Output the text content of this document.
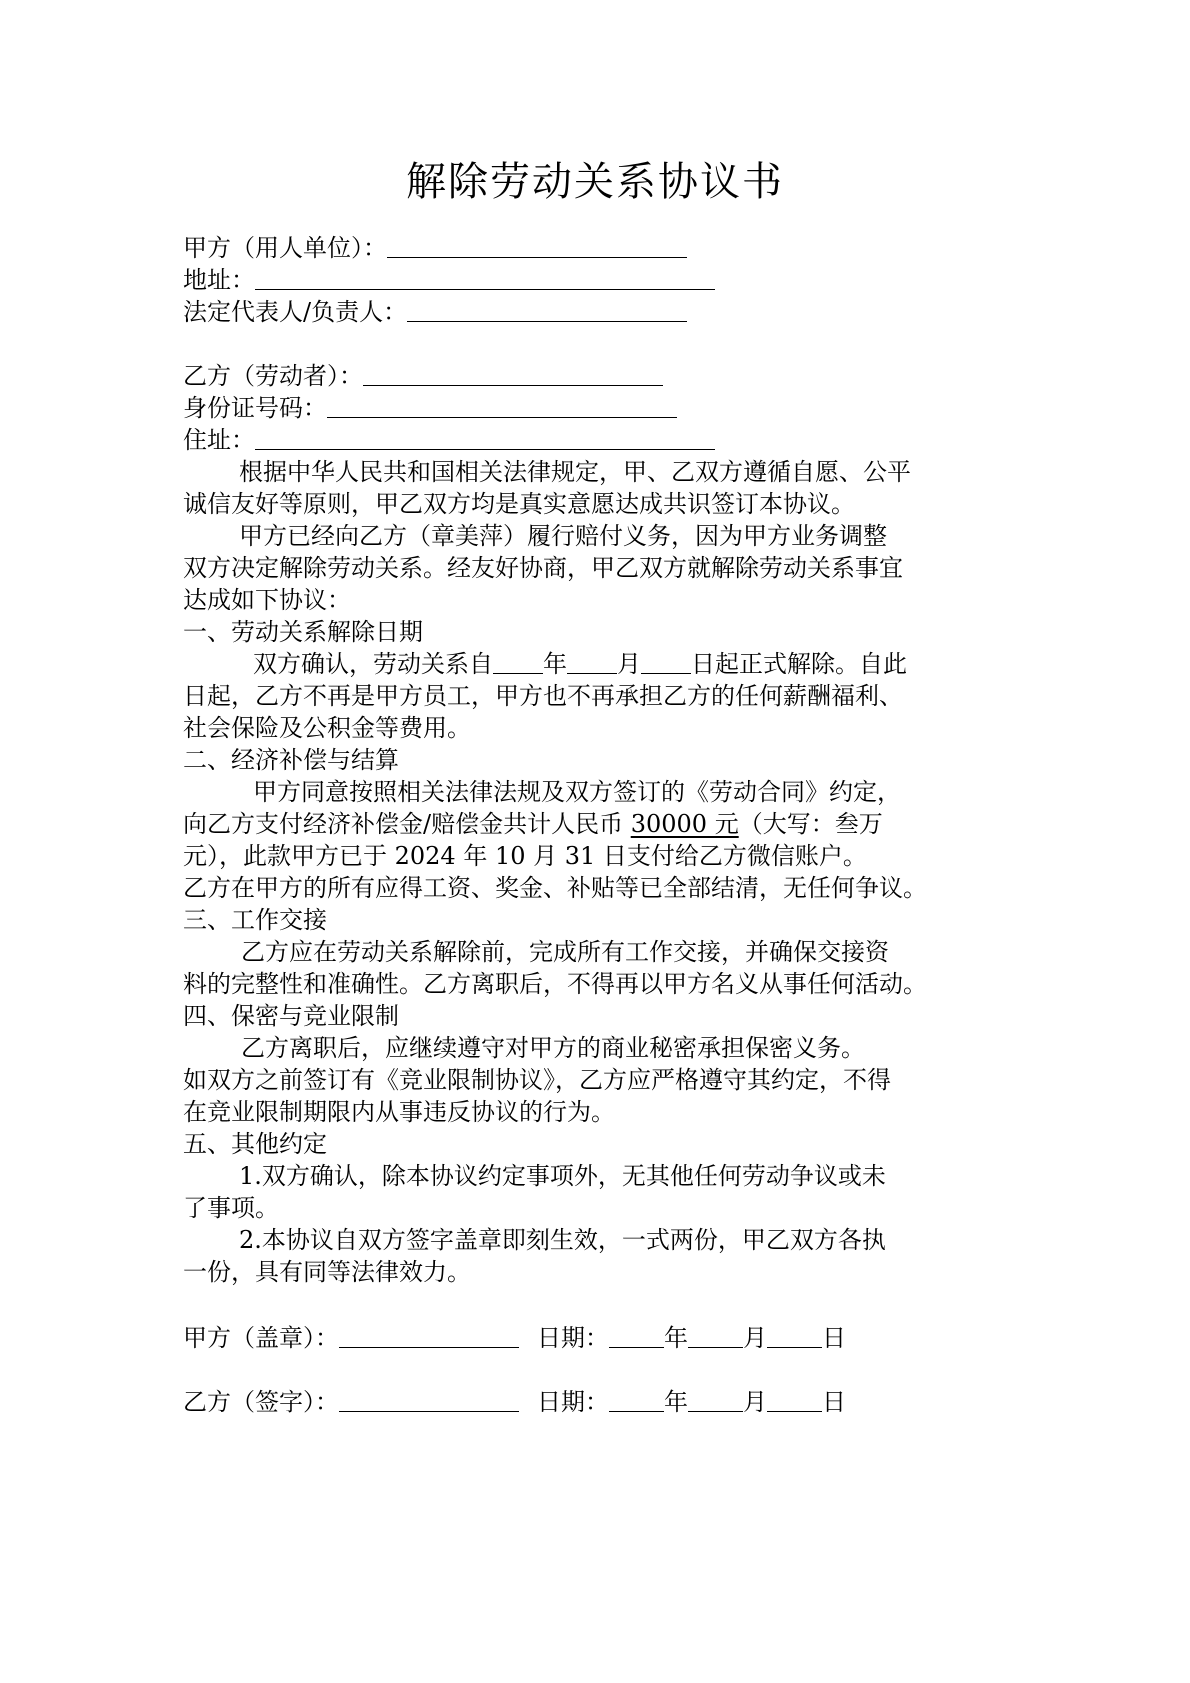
解除劳动关系协议书
甲方（用人单位）：
地址：
法定代表人/负责人：
乙方（劳动者）：
身份证号码：
住址：
根据中华人民共和国相关法律规定，甲、乙双方遵循自愿、公平
诚信友好等原则，甲乙双方均是真实意愿达成共识签订本协议。
甲方已经向乙方（章美萍）履行赔付义务，因为甲方业务调整
双方决定解除劳动关系。经友好协商，甲乙双方就解除劳动关系事宜
达成如下协议：
一、劳动关系解除日期
双方确认，劳动关系自 年 月 日起正式解除。自此
日起，乙方不再是甲方员工，甲方也不再承担乙方的任何薪酬福利、
社会保险及公积金等费用。
二、经济补偿与结算
甲方同意按照相关法律法规及双方签订的《劳动合同》约定，
向乙方支付经济补偿金/赔偿金共计人民币 30000 元（大写：叁万
元），此款甲方已于 2024 年 10 月 31 日支付给乙方微信账户。
乙方在甲方的所有应得工资、奖金、补贴等已全部结清，无任何争议。
三、工作交接
乙方应在劳动关系解除前，完成所有工作交接，并确保交接资
料的完整性和准确性。乙方离职后，不得再以甲方名义从事任何活动。
四、保密与竞业限制
乙方离职后，应继续遵守对甲方的商业秘密承担保密义务。
如双方之前签订有《竞业限制协议》，乙方应严格遵守其约定，不得
在竞业限制期限内从事违反协议的行为。
五、其他约定
1.双方确认，除本协议约定事项外，无其他任何劳动争议或未
了事项。
2.本协议自双方签字盖章即刻生效，一式两份，甲乙双方各执
一份，具有同等法律效力。
甲方（盖章）：	日期： 年 月 日
乙方（签字）：	日期： 年 月 日
